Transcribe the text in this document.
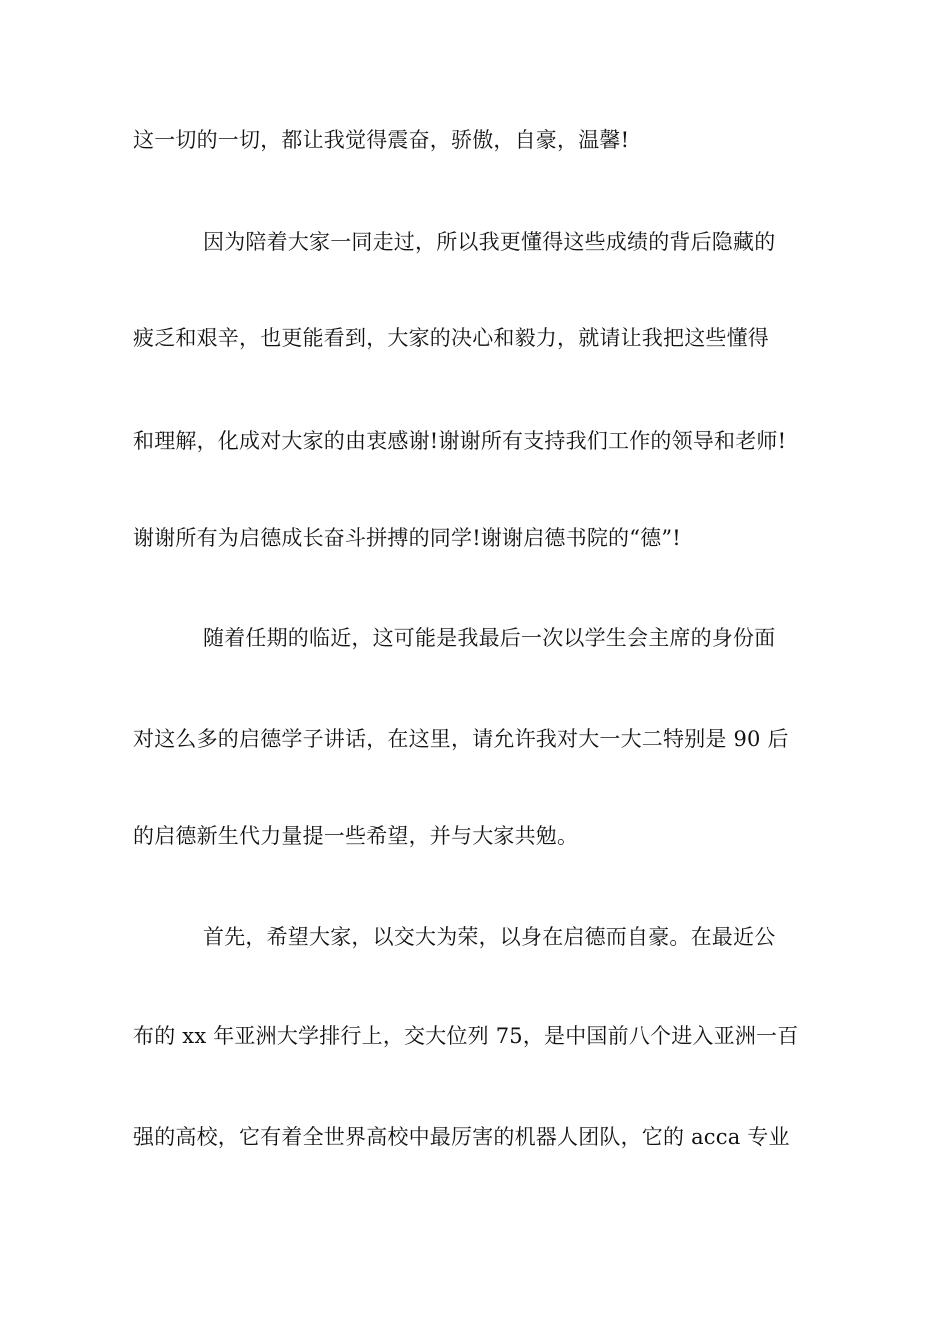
这一切的一切，都让我觉得震奋，骄傲，自豪，温馨!
因为陪着大家一同走过，所以我更懂得这些成绩的背后隐藏的
疲乏和艰辛，也更能看到，大家的决心和毅力，就请让我把这些懂得
和理解，化成对大家的由衷感谢!谢谢所有支持我们工作的领导和老师!
谢谢所有为启德成长奋斗拼搏的同学!谢谢启德书院的“德”!
随着任期的临近，这可能是我最后一次以学生会主席的身份面
对这么多的启德学子讲话，在这里，请允许我对大一大二特别是 90 后
的启德新生代力量提一些希望，并与大家共勉。
首先，希望大家，以交大为荣，以身在启德而自豪。在最近公
布的 xx 年亚洲大学排行上，交大位列 75，是中国前八个进入亚洲一百
强的高校，它有着全世界高校中最厉害的机器人团队，它的 acca 专业
